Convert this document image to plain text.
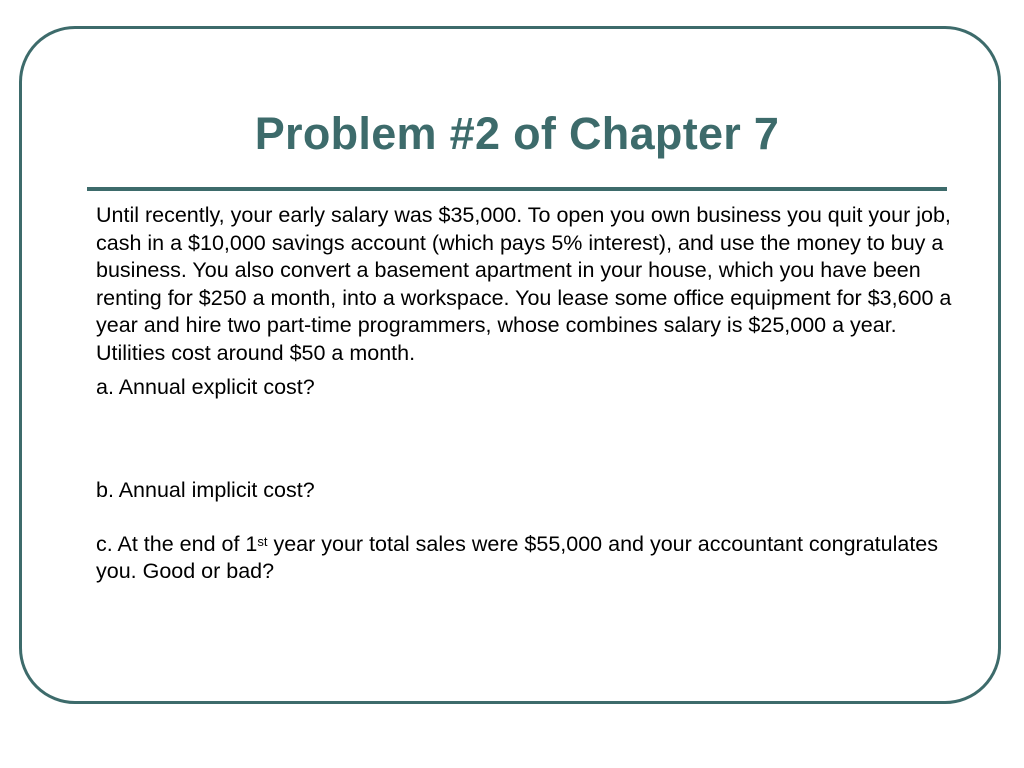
Problem #2 of Chapter 7

Until recently, your early salary was $35,000. To open you own business you quit your job, cash in a $10,000 savings account (which pays 5% interest), and use the money to buy a business. You also convert a basement apartment in your house, which you have been renting for $250 a month, into a workspace. You lease some office equipment for $3,600 a year and hire two part-time programmers, whose combines salary is $25,000 a year. Utilities cost around $50 a month.

a. Annual explicit cost?

b. Annual implicit cost?

c. At the end of 1st year your total sales were $55,000 and your accountant congratulates you. Good or bad?
